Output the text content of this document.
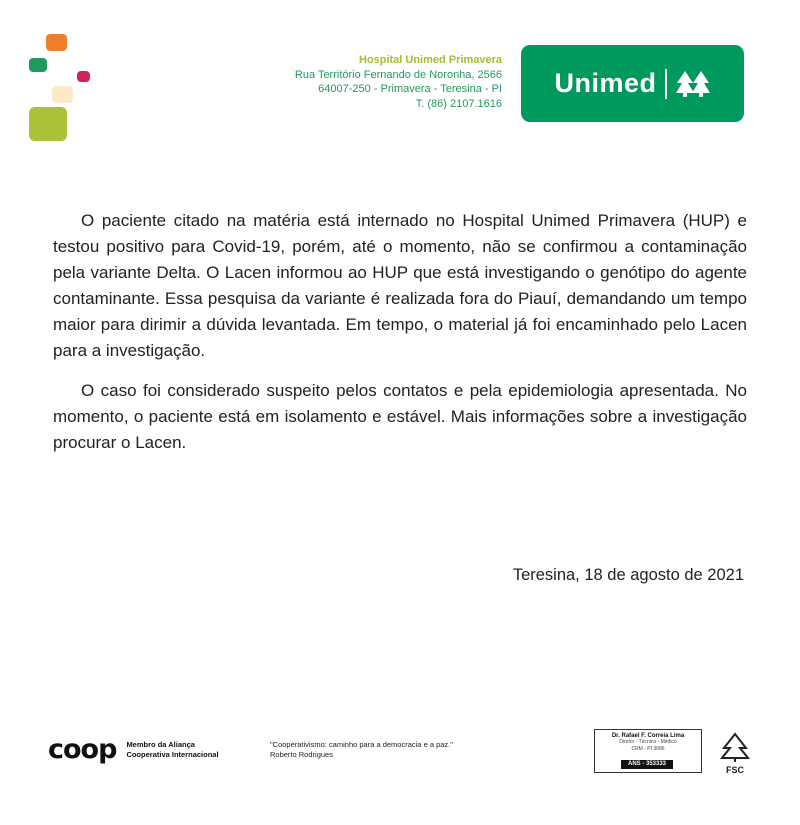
Hospital Unimed Primavera
Rua Território Fernando de Noronha, 2566
64007-250 - Primavera - Teresina - PI
T. (86) 2107.1616
Unimed

O paciente citado na matéria está internado no Hospital Unimed Primavera (HUP) e testou positivo para Covid-19, porém, até o momento, não se confirmou a contaminação pela variante Delta. O Lacen informou ao HUP que está investigando o genótipo do agente contaminante. Essa pesquisa da variante é realizada fora do Piauí, demandando um tempo maior para dirimir a dúvida levantada. Em tempo, o material já foi encaminhado pelo Lacen para a investigação.

O caso foi considerado suspeito pelos contatos e pela epidemiologia apresentada. No momento, o paciente está em isolamento e estável. Mais informações sobre a investigação procurar o Lacen.

Teresina, 18 de agosto de 2021
coop Membro da Aliança
Cooperativa Internacional
"Cooperativismo: caminho para a democracia e a paz."
Roberto Rodrigues
Dr. Rafael F. Correia Lima
Diretor - Técnico - Médico
CRM - PI 3686
ANS - 353333
FSC
